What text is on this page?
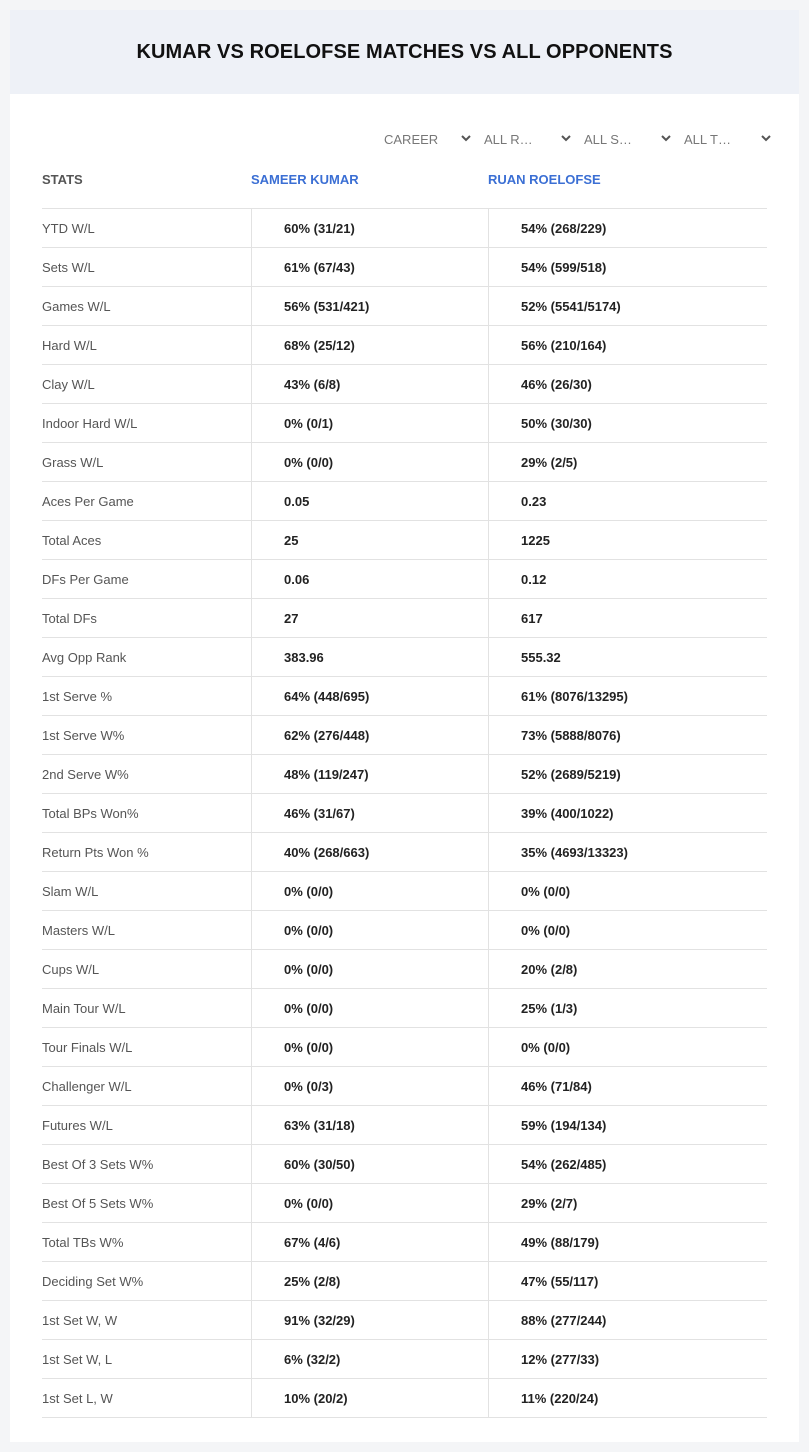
KUMAR VS ROELOFSE MATCHES VS ALL OPPONENTS
CAREER	ALL R…	ALL S…	ALL T…
STATS	SAMEER KUMAR	RUAN ROELOFSE
YTD W/L	60% (31/21)	54% (268/229)
Sets W/L	61% (67/43)	54% (599/518)
Games W/L	56% (531/421)	52% (5541/5174)
Hard W/L	68% (25/12)	56% (210/164)
Clay W/L	43% (6/8)	46% (26/30)
Indoor Hard W/L	0% (0/1)	50% (30/30)
Grass W/L	0% (0/0)	29% (2/5)
Aces Per Game	0.05	0.23
Total Aces	25	1225
DFs Per Game	0.06	0.12
Total DFs	27	617
Avg Opp Rank	383.96	555.32
1st Serve %	64% (448/695)	61% (8076/13295)
1st Serve W%	62% (276/448)	73% (5888/8076)
2nd Serve W%	48% (119/247)	52% (2689/5219)
Total BPs Won%	46% (31/67)	39% (400/1022)
Return Pts Won %	40% (268/663)	35% (4693/13323)
Slam W/L	0% (0/0)	0% (0/0)
Masters W/L	0% (0/0)	0% (0/0)
Cups W/L	0% (0/0)	20% (2/8)
Main Tour W/L	0% (0/0)	25% (1/3)
Tour Finals W/L	0% (0/0)	0% (0/0)
Challenger W/L	0% (0/3)	46% (71/84)
Futures W/L	63% (31/18)	59% (194/134)
Best Of 3 Sets W%	60% (30/50)	54% (262/485)
Best Of 5 Sets W%	0% (0/0)	29% (2/7)
Total TBs W%	67% (4/6)	49% (88/179)
Deciding Set W%	25% (2/8)	47% (55/117)
1st Set W, W	91% (32/29)	88% (277/244)
1st Set W, L	6% (32/2)	12% (277/33)
1st Set L, W	10% (20/2)	11% (220/24)
